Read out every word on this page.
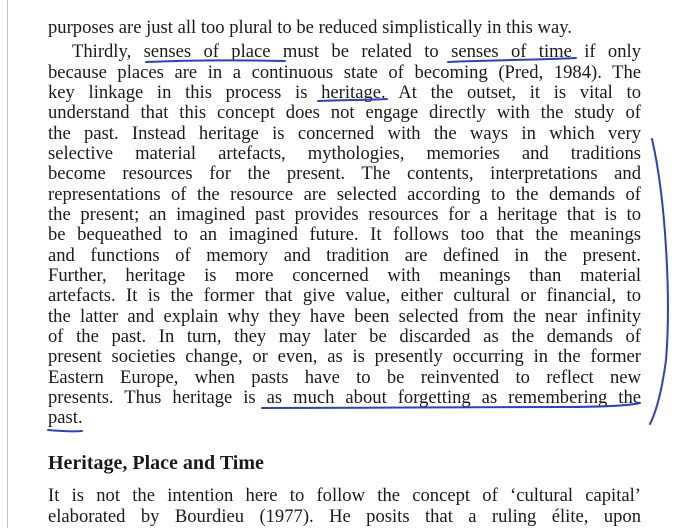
purposes are just all too plural to be reduced simplistically in this way.
Thirdly, senses of place must be related to senses of time if only
because places are in a continuous state of becoming (Pred, 1984). The
key linkage in this process is heritage. At the outset, it is vital to
understand that this concept does not engage directly with the study of
the past. Instead heritage is concerned with the ways in which very
selective material artefacts, mythologies, memories and traditions
become resources for the present. The contents, interpretations and
representations of the resource are selected according to the demands of
the present; an imagined past provides resources for a heritage that is to
be bequeathed to an imagined future. It follows too that the meanings
and functions of memory and tradition are defined in the present.
Further, heritage is more concerned with meanings than material
artefacts. It is the former that give value, either cultural or financial, to
the latter and explain why they have been selected from the near infinity
of the past. In turn, they may later be discarded as the demands of
present societies change, or even, as is presently occurring in the former
Eastern Europe, when pasts have to be reinvented to reflect new
presents. Thus heritage is as much about forgetting as remembering the
past.
Heritage, Place and Time
It is not the intention here to follow the concept of ‘cultural capital’
elaborated by Bourdieu (1977). He posits that a ruling élite, upon
